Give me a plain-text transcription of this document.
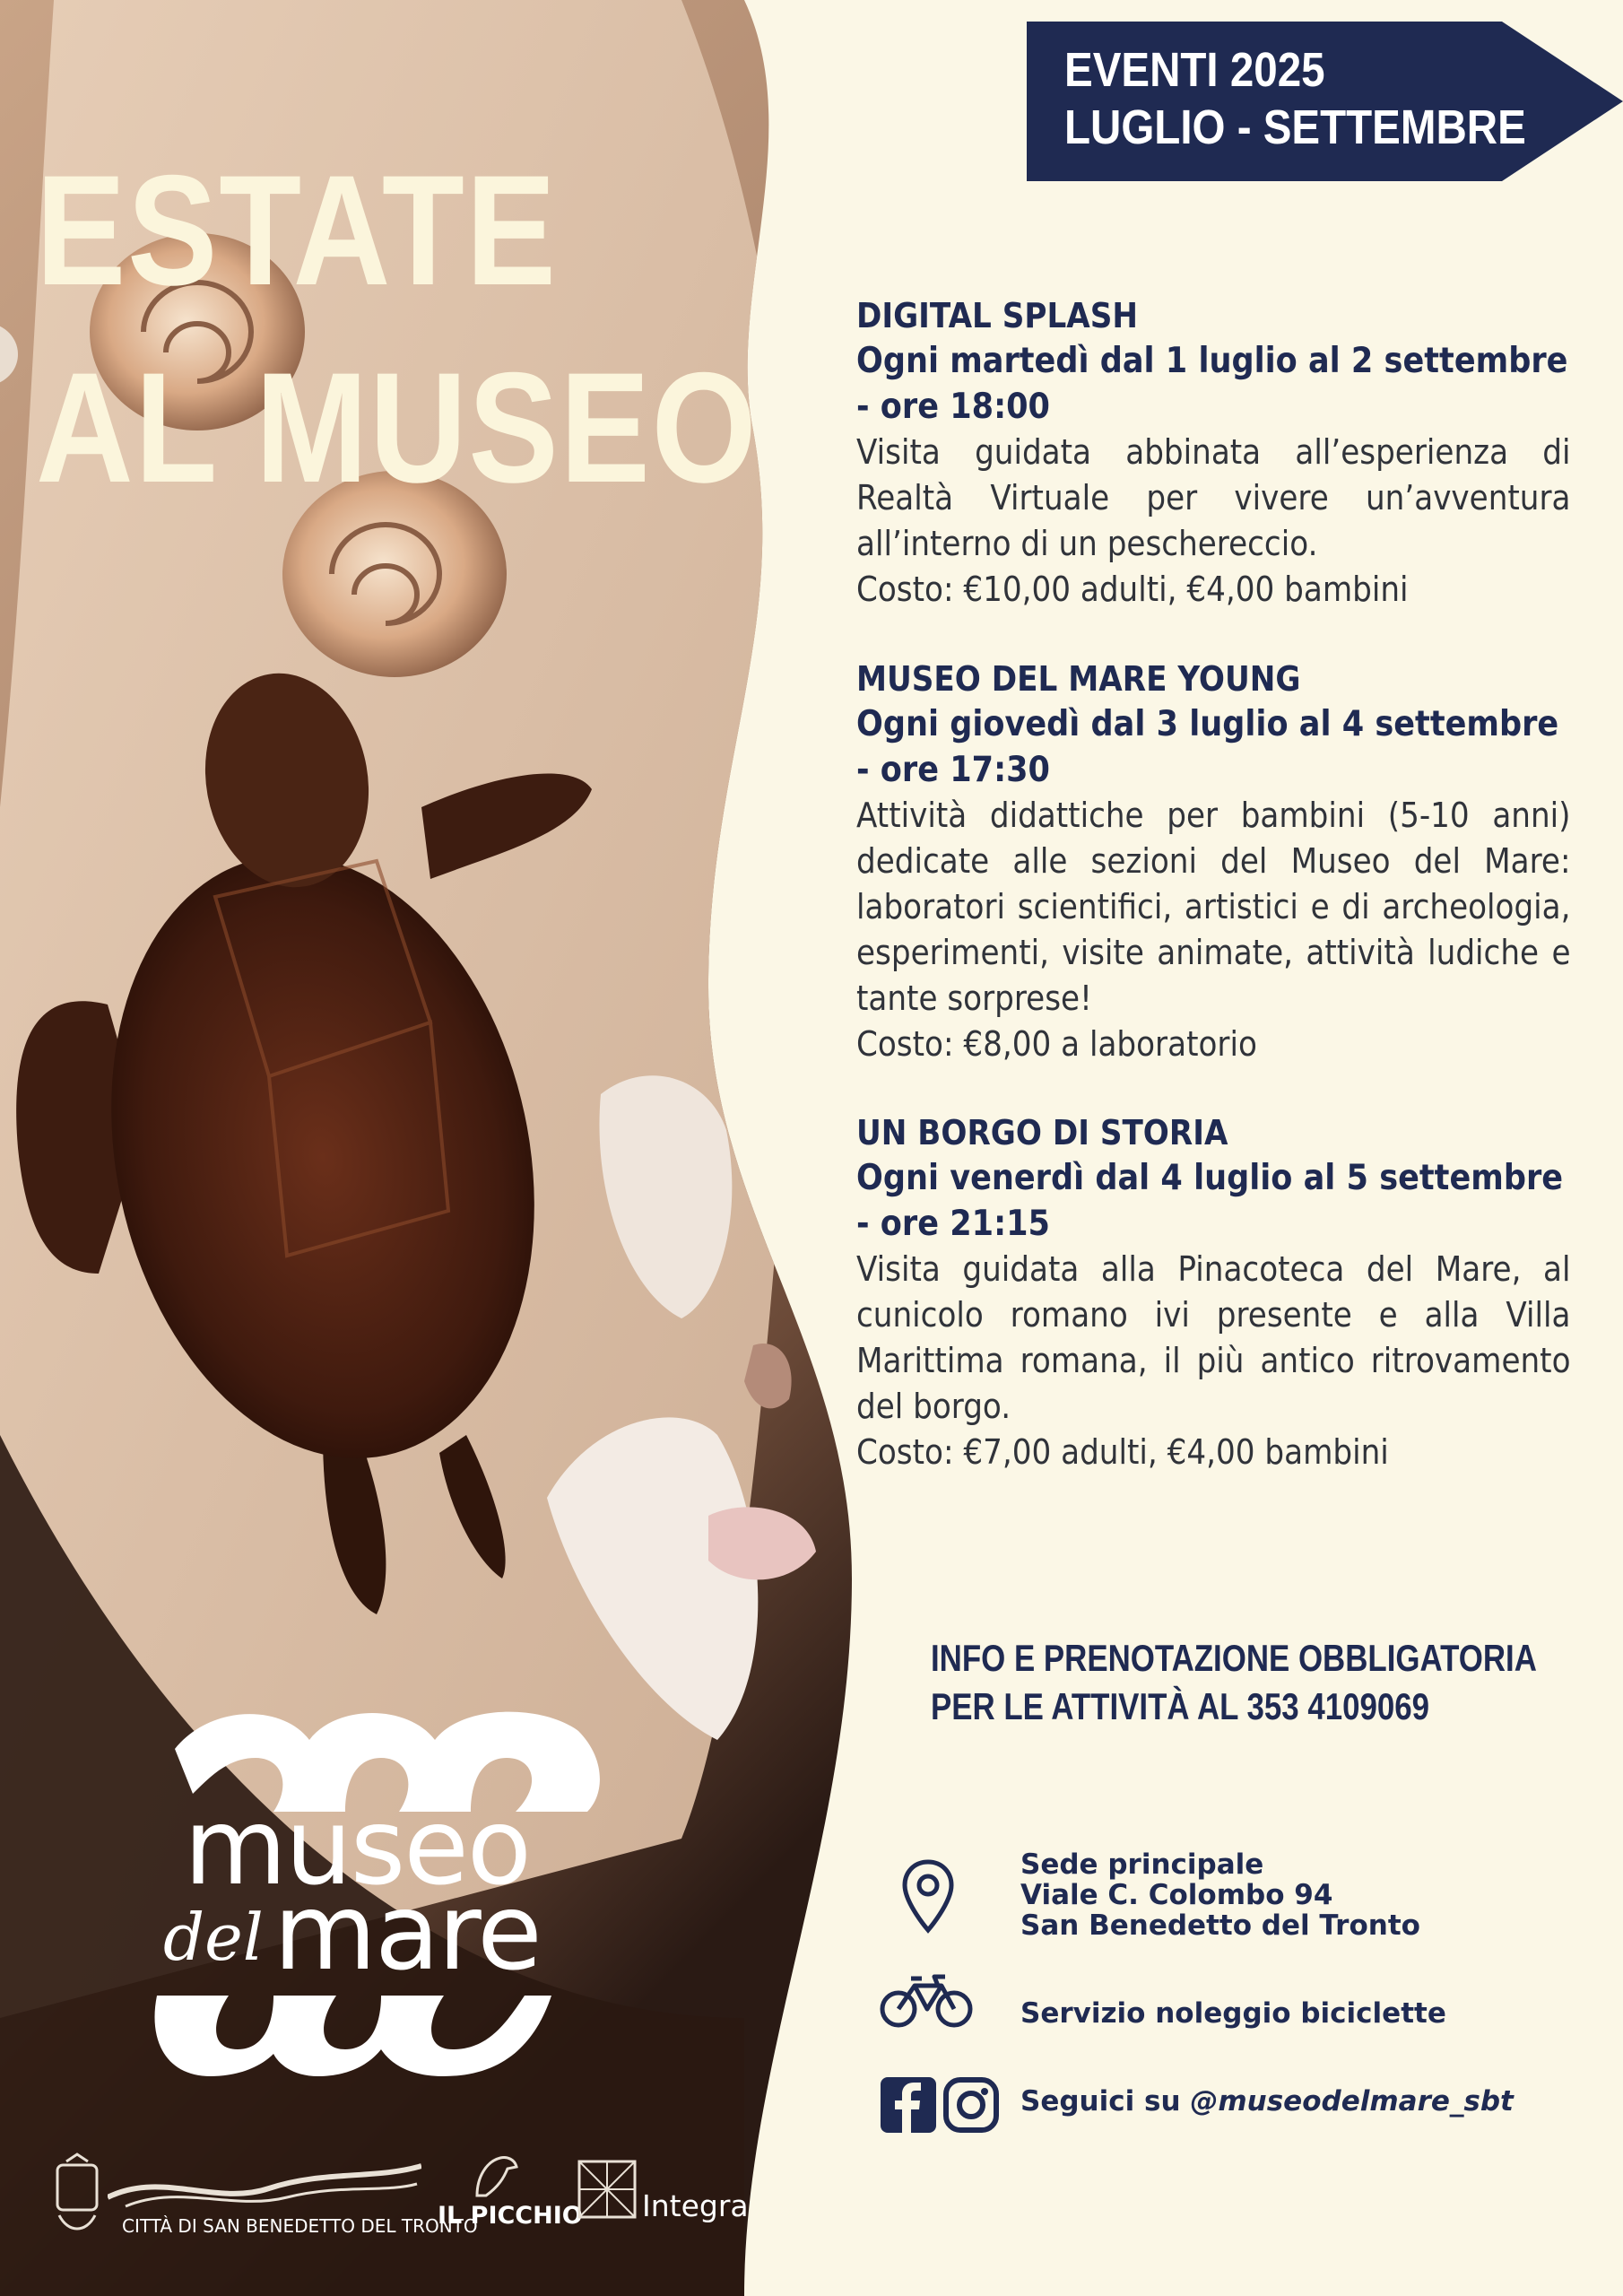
ESTATE
AL MUSEO
EVENTI 2025
LUGLIO - SETTEMBRE
DIGITAL SPLASH
Ogni martedì dal 1 luglio al 2 settembre - ore 18:00
Visita guidata abbinata all’esperienza di Realtà Virtuale per vivere un’avventura all’interno di un peschereccio.
Costo: €10,00 adulti, €4,00 bambini
MUSEO DEL MARE YOUNG
Ogni giovedì dal 3 luglio al 4 settembre - ore 17:30
Attività didattiche per bambini (5-10 anni) dedicate alle sezioni del Museo del Mare: laboratori scientifici, artistici e di archeologia, esperimenti, visite animate, attività ludiche e tante sorprese!
Costo: €8,00 a laboratorio
UN BORGO DI STORIA
Ogni venerdì dal 4 luglio al 5 settembre - ore 21:15
Visita guidata alla Pinacoteca del Mare, al cunicolo romano ivi presente e alla Villa Marittima romana, il più antico ritrovamento del borgo.
Costo: €7,00 adulti, €4,00 bambini
INFO E PRENOTAZIONE OBBLIGATORIA
PER LE ATTIVITÀ AL 353 4109069
Sede principale
Viale C. Colombo 94
San Benedetto del Tronto
Servizio noleggio biciclette
Seguici su @museodelmare_sbt
museo
del mare
CITTÀ DI SAN BENEDETTO DEL TRONTO
IL PICCHIO Integra
